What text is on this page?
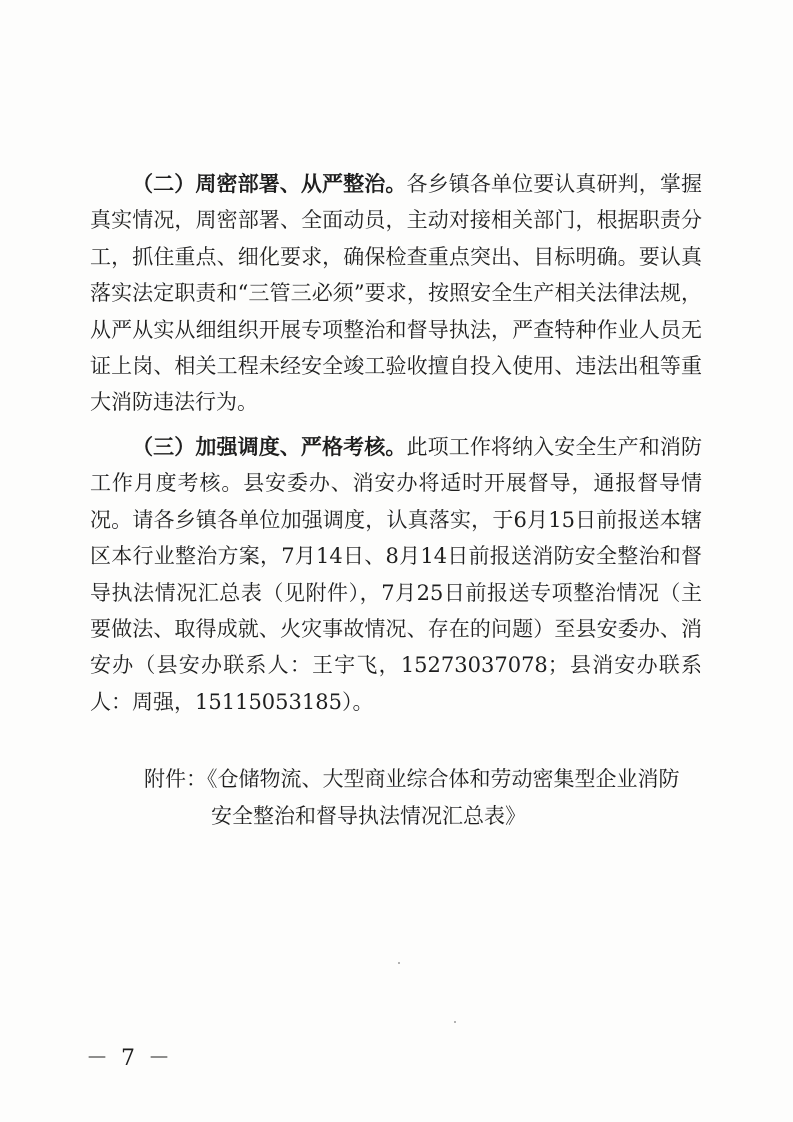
（二）周密部署、从严整治。各乡镇各单位要认真研判，掌握真实情况，周密部署、全面动员，主动对接相关部门，根据职责分工，抓住重点、细化要求，确保检查重点突出、目标明确。要认真落实法定职责和“三管三必须”要求，按照安全生产相关法律法规，从严从实从细组织开展专项整治和督导执法，严查特种作业人员无证上岗、相关工程未经安全竣工验收擅自投入使用、违法出租等重大消防违法行为。

（三）加强调度、严格考核。此项工作将纳入安全生产和消防工作月度考核。县安委办、消安办将适时开展督导，通报督导情况。请各乡镇各单位加强调度，认真落实，于6月15日前报送本辖区本行业整治方案，7月14日、8月14日前报送消防安全整治和督导执法情况汇总表（见附件），7月25日前报送专项整治情况（主要做法、取得成就、火灾事故情况、存在的问题）至县安委办、消安办（县安办联系人：王宇飞，15273037078；县消安办联系人：周强，15115053185）。

附件：《仓储物流、大型商业综合体和劳动密集型企业消防
安全整治和督导执法情况汇总表》

－ 7 －
